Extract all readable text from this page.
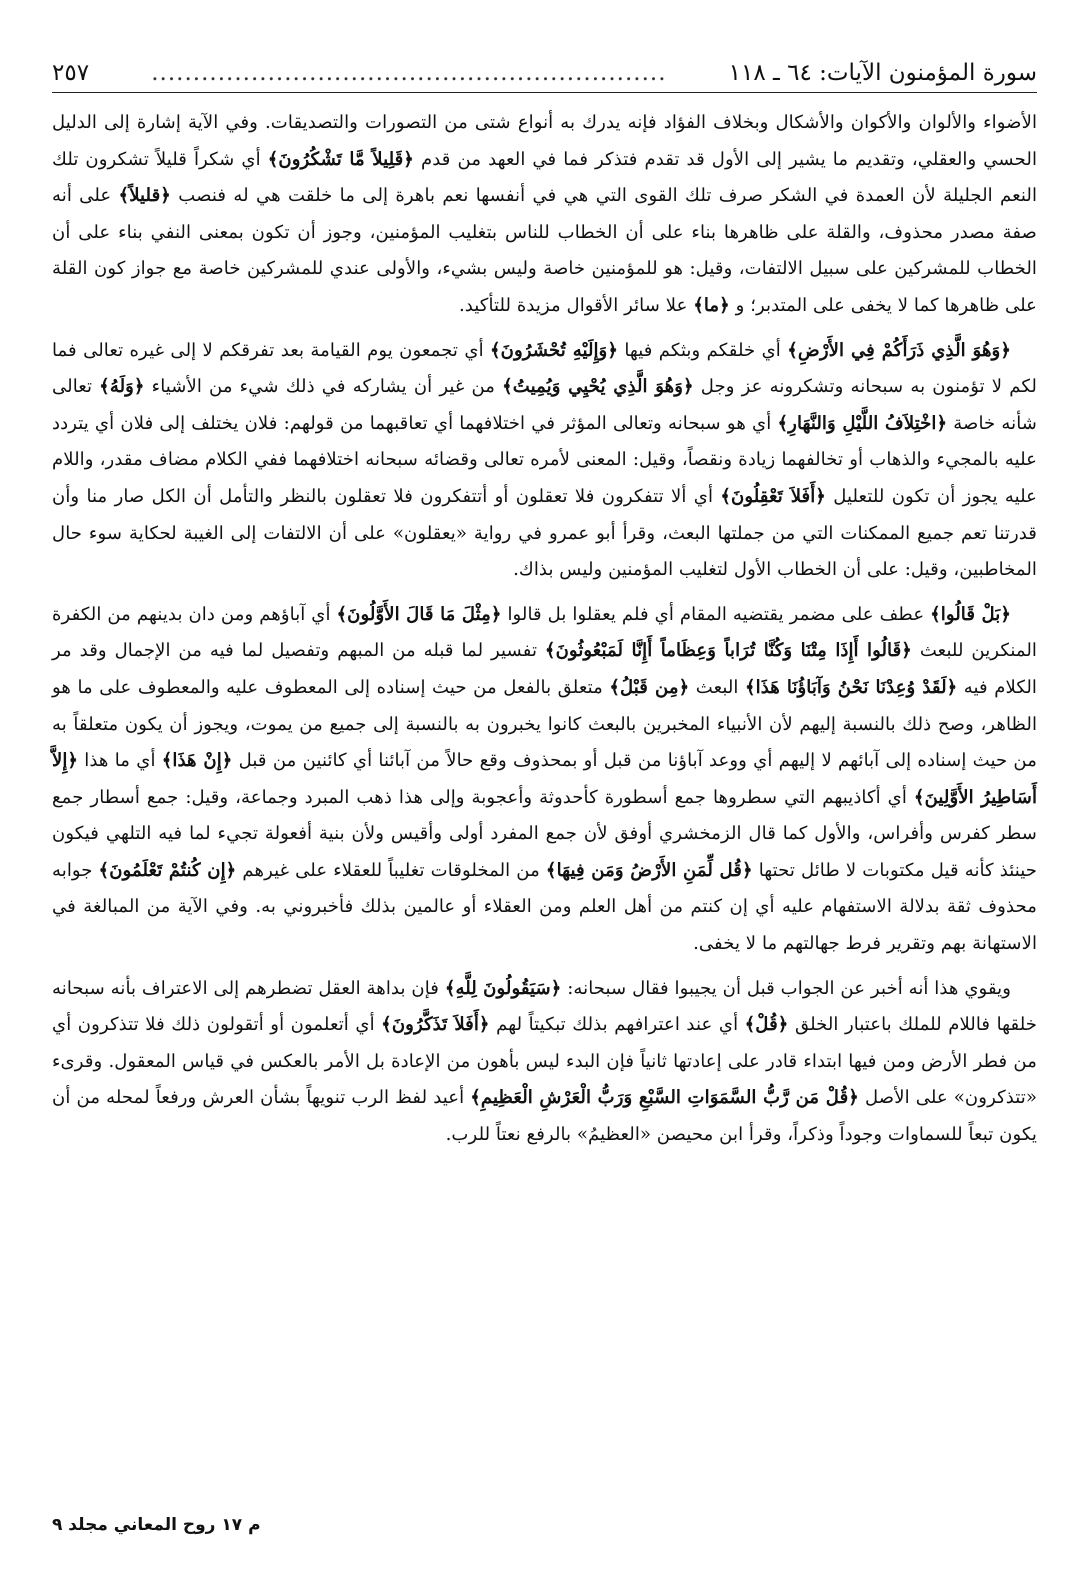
سورة المؤمنون الآيات: ٦٤ ـ ١١٨
..............................................................
٢٥٧

الأضواء والألوان والأكوان والأشكال وبخلاف الفؤاد فإنه يدرك به أنواع شتى من التصورات والتصديقات. وفي الآية إشارة إلى الدليل الحسي والعقلي، وتقديم ما يشير إلى الأول قد تقدم فتذكر فما في العهد من قدم ﴿قَلِيلاً مَّا تَشْكُرُونَ﴾ أي شكراً قليلاً تشكرون تلك النعم الجليلة لأن العمدة في الشكر صرف تلك القوى التي هي في أنفسها نعم باهرة إلى ما خلقت هي له فنصب ﴿قليلاً﴾ على أنه صفة مصدر محذوف، والقلة على ظاهرها بناء على أن الخطاب للناس بتغليب المؤمنين، وجوز أن تكون بمعنى النفي بناء على أن الخطاب للمشركين على سبيل الالتفات، وقيل: هو للمؤمنين خاصة وليس بشيء، والأولى عندي للمشركين خاصة مع جواز كون القلة على ظاهرها كما لا يخفى على المتدبر؛ و ﴿ما﴾ علا سائر الأقوال مزيدة للتأكيد.

﴿وَهُوَ الَّذِي ذَرَأَكُمْ فِي الأَرْضِ﴾ أي خلقكم وبثكم فيها ﴿وَإِلَيْهِ تُحْشَرُونَ﴾ أي تجمعون يوم القيامة بعد تفرقكم لا إلى غيره تعالى فما لكم لا تؤمنون به سبحانه وتشكرونه عز وجل ﴿وَهُوَ الَّذِي يُحْيِي وَيُمِيتُ﴾ من غير أن يشاركه في ذلك شيء من الأشياء ﴿وَلَهُ﴾ تعالى شأنه خاصة ﴿اخْتِلاَفُ اللَّيْلِ وَالنَّهَارِ﴾ أي هو سبحانه وتعالى المؤثر في اختلافهما أي تعاقبهما من قولهم: فلان يختلف إلى فلان أي يتردد عليه بالمجيء والذهاب أو تخالفهما زيادة ونقصاً، وقيل: المعنى لأمره تعالى وقضائه سبحانه اختلافهما ففي الكلام مضاف مقدر، واللام عليه يجوز أن تكون للتعليل ﴿أَفَلاَ تَعْقِلُونَ﴾ أي ألا تتفكرون فلا تعقلون أو أتتفكرون فلا تعقلون بالنظر والتأمل أن الكل صار منا وأن قدرتنا تعم جميع الممكنات التي من جملتها البعث، وقرأ أبو عمرو في رواية «يعقلون» على أن الالتفات إلى الغيبة لحكاية سوء حال المخاطبين، وقيل: على أن الخطاب الأول لتغليب المؤمنين وليس بذاك.

﴿بَلْ قَالُوا﴾ عطف على مضمر يقتضيه المقام أي فلم يعقلوا بل قالوا ﴿مِثْلَ مَا قَالَ الأَوَّلُونَ﴾ أي آباؤهم ومن دان بدينهم من الكفرة المنكرين للبعث ﴿قَالُوا أَإِذَا مِتْنَا وَكُنَّا تُرَاباً وَعِظَاماً أَإِنَّا لَمَبْعُوثُونَ﴾ تفسير لما قبله من المبهم وتفصيل لما فيه من الإجمال وقد مر الكلام فيه ﴿لَقَدْ وُعِدْنَا نَحْنُ وَآبَاؤُنَا هَذَا﴾ البعث ﴿مِن قَبْلُ﴾ متعلق بالفعل من حيث إسناده إلى المعطوف عليه والمعطوف على ما هو الظاهر، وصح ذلك بالنسبة إليهم لأن الأنبياء المخبرين بالبعث كانوا يخبرون به بالنسبة إلى جميع من يموت، ويجوز أن يكون متعلقاً به من حيث إسناده إلى آبائهم لا إليهم أي ووعد آباؤنا من قبل أو بمحذوف وقع حالاً من آبائنا أي كائنين من قبل ﴿إِنْ هَذَا﴾ أي ما هذا ﴿إِلاَّ أَسَاطِيرُ الأَوَّلِينَ﴾ أي أكاذيبهم التي سطروها جمع أسطورة كأحدوثة وأعجوبة وإلى هذا ذهب المبرد وجماعة، وقيل: جمع أسطار جمع سطر كفرس وأفراس، والأول كما قال الزمخشري أوفق لأن جمع المفرد أولى وأقيس ولأن بنية أفعولة تجيء لما فيه التلهي فيكون حينئذ كأنه قيل مكتوبات لا طائل تحتها ﴿قُل لِّمَنِ الأَرْضُ وَمَن فِيهَا﴾ من المخلوقات تغليباً للعقلاء على غيرهم ﴿إِن كُنتُمْ تَعْلَمُونَ﴾ جوابه محذوف ثقة بدلالة الاستفهام عليه أي إن كنتم من أهل العلم ومن العقلاء أو عالمين بذلك فأخبروني به. وفي الآية من المبالغة في الاستهانة بهم وتقرير فرط جهالتهم ما لا يخفى.

ويقوي هذا أنه أخبر عن الجواب قبل أن يجيبوا فقال سبحانه: ﴿سَيَقُولُونَ لِلَّهِ﴾ فإن بداهة العقل تضطرهم إلى الاعتراف بأنه سبحانه خلقها فاللام للملك باعتبار الخلق ﴿قُلْ﴾ أي عند اعترافهم بذلك تبكيتاً لهم ﴿أَفَلاَ تَذَكَّرُونَ﴾ أي أتعلمون أو أتقولون ذلك فلا تتذكرون أي من فطر الأرض ومن فيها ابتداء قادر على إعادتها ثانياً فإن البدء ليس بأهون من الإعادة بل الأمر بالعكس في قياس المعقول. وقرىء «تتذكرون» على الأصل ﴿قُلْ مَن رَّبُّ السَّمَوَاتِ السَّبْعِ وَرَبُّ الْعَرْشِ الْعَظِيمِ﴾ أعيد لفظ الرب تنويهاً بشأن العرش ورفعاً لمحله من أن يكون تبعاً للسماوات وجوداً وذكراً، وقرأ ابن محيصن «العظيمُ» بالرفع نعتاً للرب.

م ١٧ روح المعاني مجلد ٩
